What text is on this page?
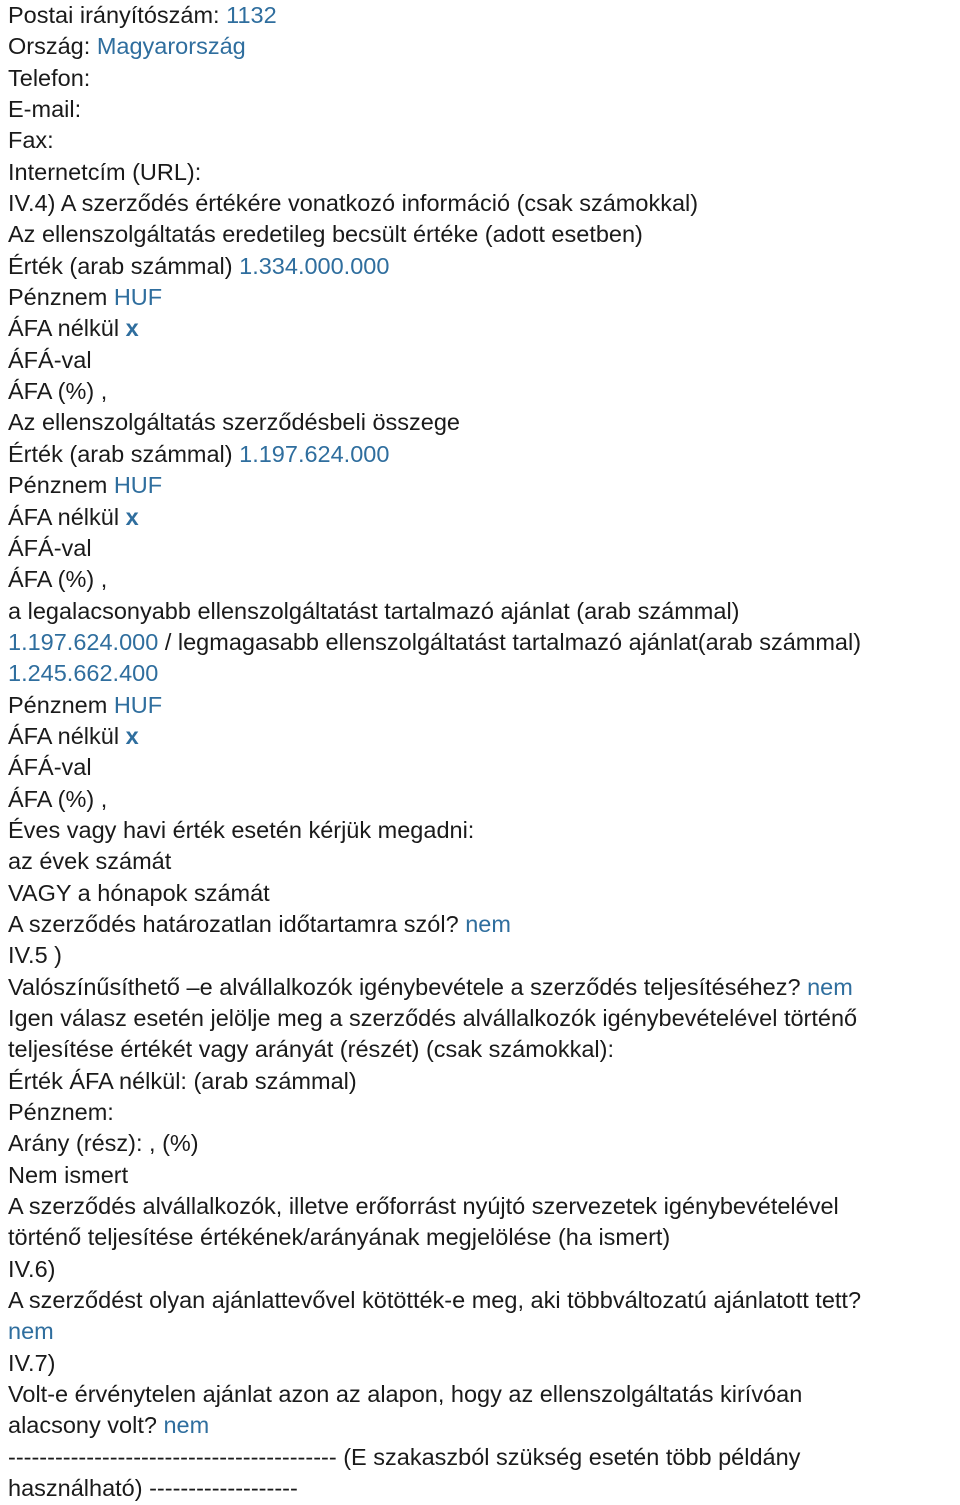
Postai irányítószám: 1132
Ország: Magyarország
Telefon:
E-mail:
Fax:
Internetcím (URL):
IV.4) A szerződés értékére vonatkozó információ (csak számokkal)
Az ellenszolgáltatás eredetileg becsült értéke (adott esetben)
Érték (arab számmal) 1.334.000.000
Pénznem HUF
ÁFA nélkül x
ÁFÁ-val
ÁFA (%) ,
Az ellenszolgáltatás szerződésbeli összege
Érték (arab számmal) 1.197.624.000
Pénznem HUF
ÁFA nélkül x
ÁFÁ-val
ÁFA (%) ,
a legalacsonyabb ellenszolgáltatást tartalmazó ajánlat (arab számmal)
1.197.624.000 / legmagasabb ellenszolgáltatást tartalmazó ajánlat(arab számmal)
1.245.662.400
Pénznem HUF
ÁFA nélkül x
ÁFÁ-val
ÁFA (%) ,
Éves vagy havi érték esetén kérjük megadni:
az évek számát
VAGY a hónapok számát
A szerződés határozatlan időtartamra szól? nem
IV.5 )
Valószínűsíthető –e alvállalkozók igénybevétele a szerződés teljesítéséhez? nem
Igen válasz esetén jelölje meg a szerződés alvállalkozók igénybevételével történő
teljesítése értékét vagy arányát (részét) (csak számokkal):
Érték ÁFA nélkül: (arab számmal)
Pénznem:
Arány (rész): , (%)
Nem ismert
A szerződés alvállalkozók, illetve erőforrást nyújtó szervezetek igénybevételével
történő teljesítése értékének/arányának megjelölése (ha ismert)
IV.6)
A szerződést olyan ajánlattevővel kötötték-e meg, aki többváltozatú ajánlatott tett?
nem
IV.7)
Volt-e érvénytelen ajánlat azon az alapon, hogy az ellenszolgáltatás kirívóan
alacsony volt? nem
------------------------------------------ (E szakaszból szükség esetén több példány
használható) -------------------
